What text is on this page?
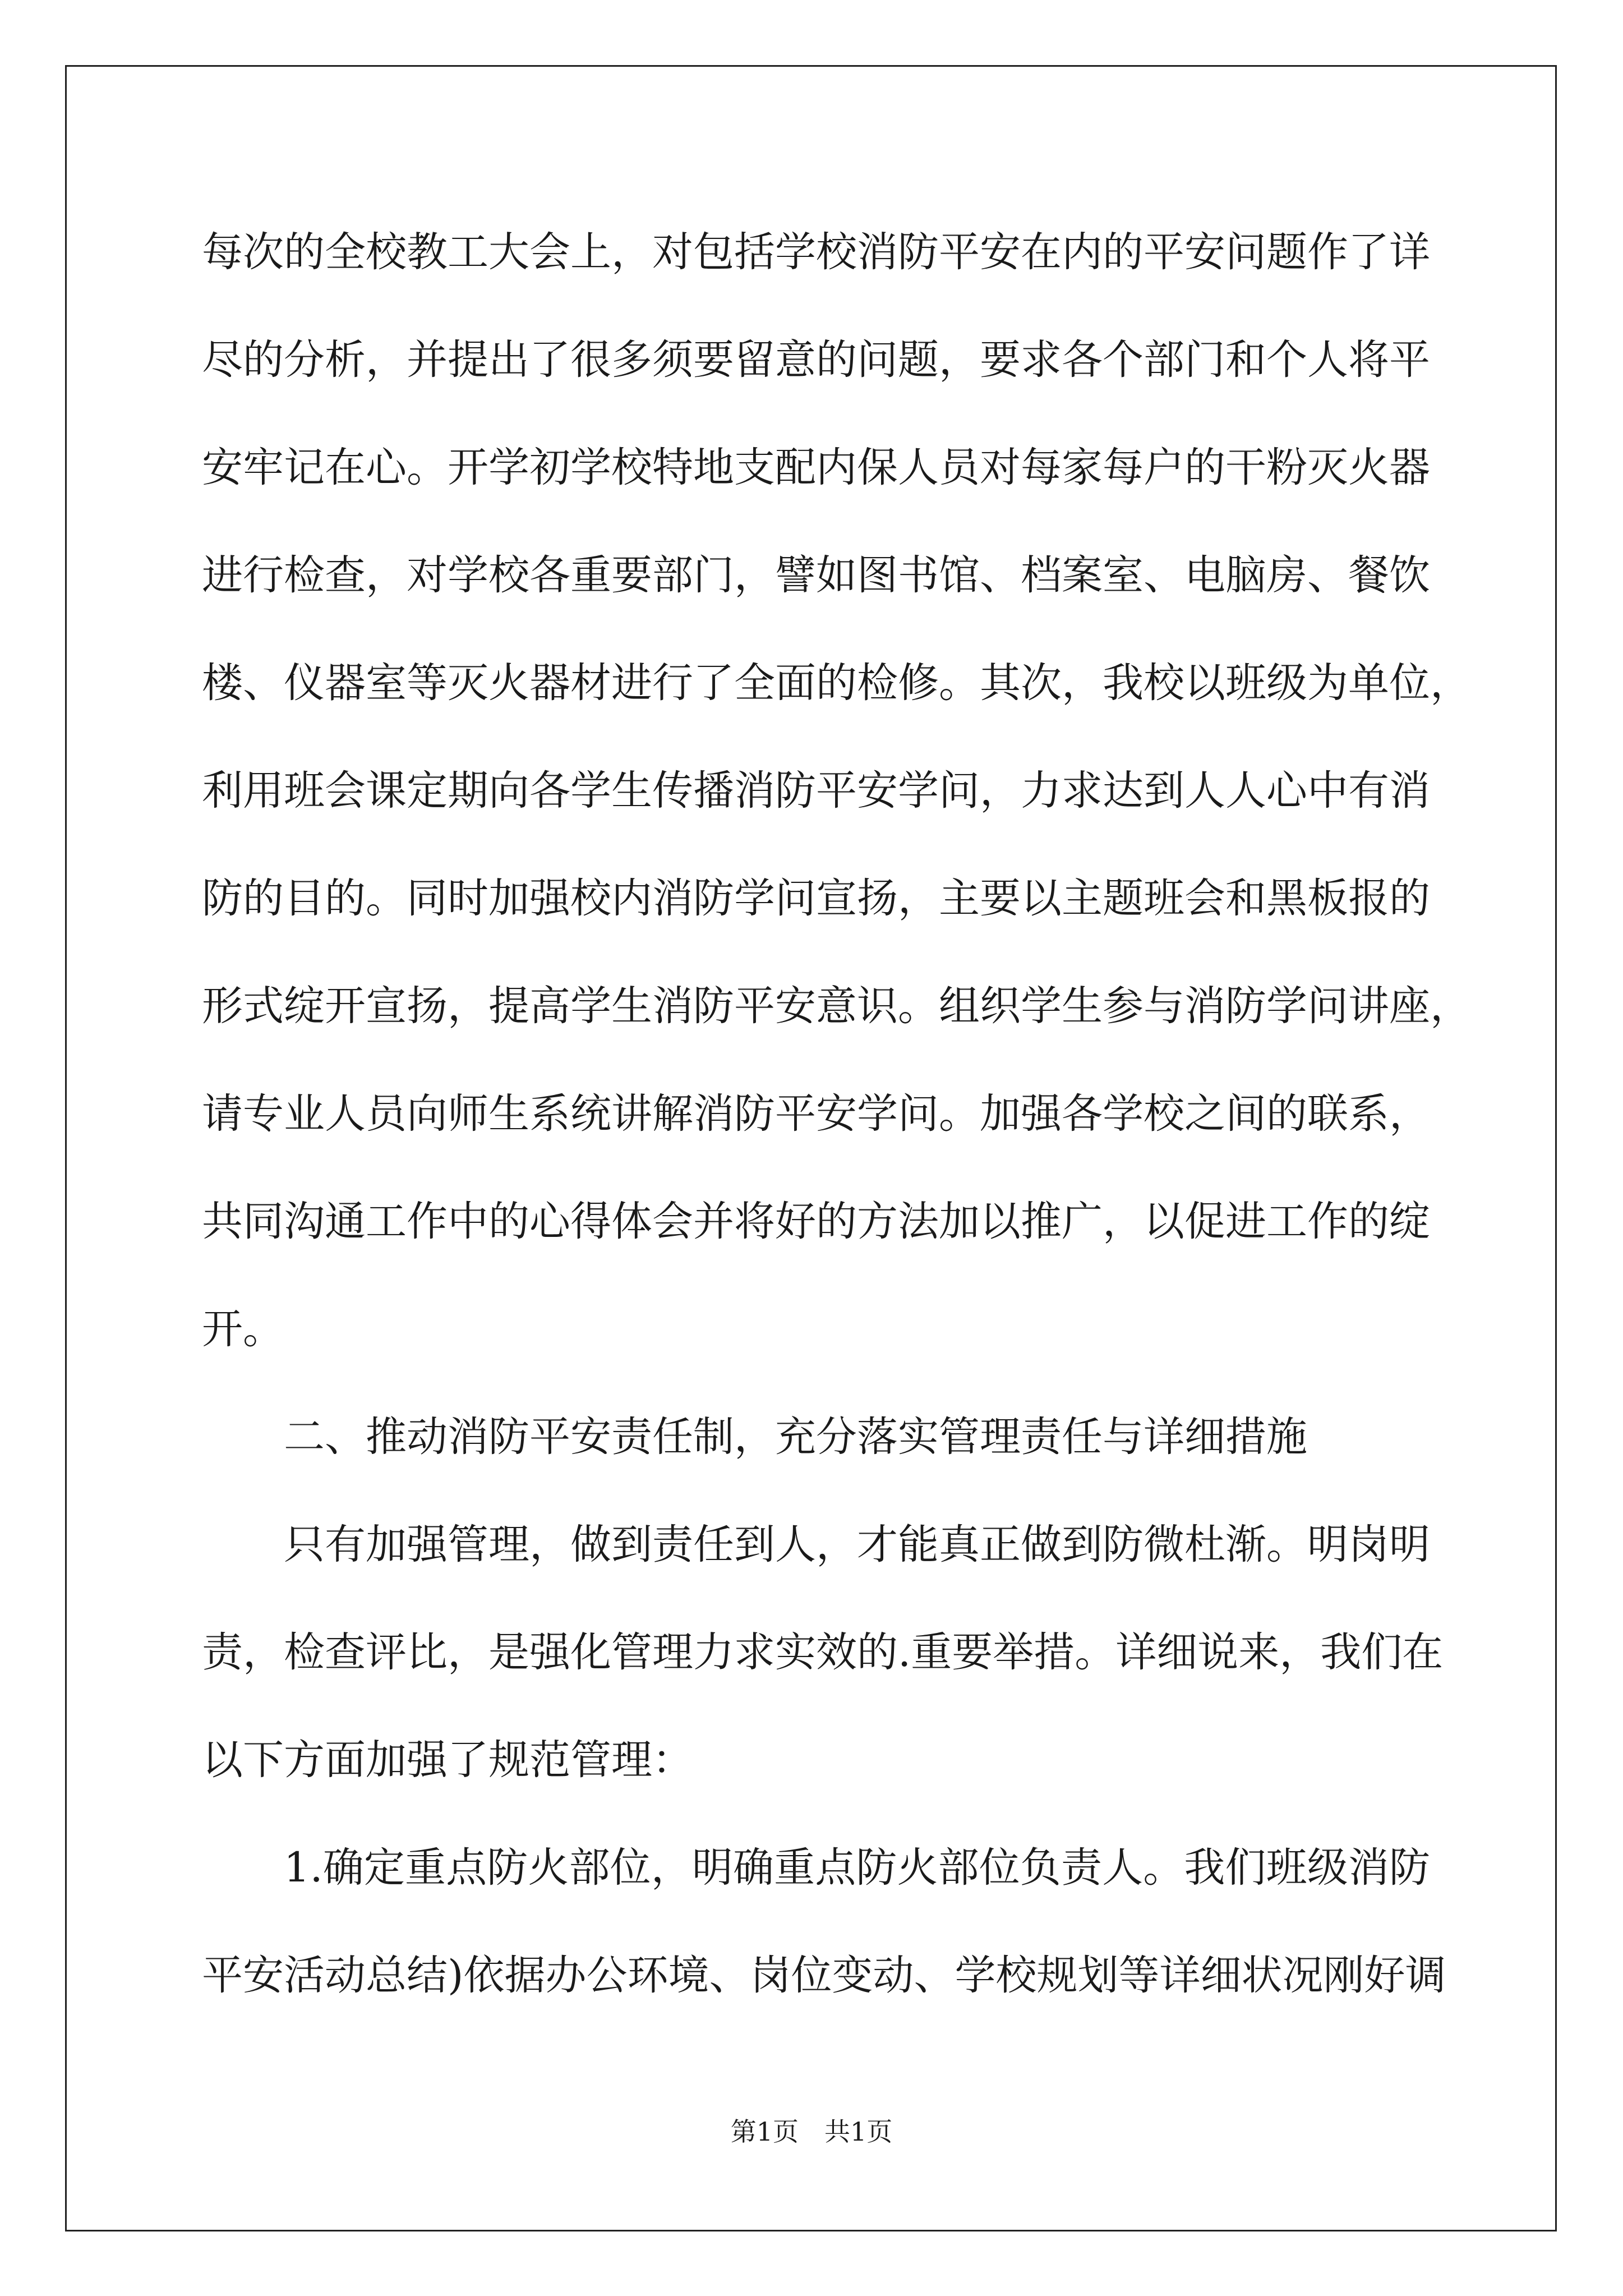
每次的全校教工大会上，对包括学校消防平安在内的平安问题作了详
尽的分析，并提出了很多须要留意的问题，要求各个部门和个人将平
安牢记在心。开学初学校特地支配内保人员对每家每户的干粉灭火器
进行检查，对学校各重要部门，譬如图书馆、档案室、电脑房、餐饮
楼、仪器室等灭火器材进行了全面的检修。其次，我校以班级为单位，
利用班会课定期向各学生传播消防平安学问，力求达到人人心中有消
防的目的。同时加强校内消防学问宣扬，主要以主题班会和黑板报的
形式绽开宣扬，提高学生消防平安意识。组织学生参与消防学问讲座，
请专业人员向师生系统讲解消防平安学问。加强各学校之间的联系，
共同沟通工作中的心得体会并将好的方法加以推广，以促进工作的绽
开。
二、推动消防平安责任制，充分落实管理责任与详细措施
只有加强管理，做到责任到人，才能真正做到防微杜渐。明岗明
责，检查评比，是强化管理力求实效的.重要举措。详细说来，我们在
以下方面加强了规范管理：
1.确定重点防火部位，明确重点防火部位负责人。我们班级消防
平安活动总结)依据办公环境、岗位变动、学校规划等详细状况刚好调
第1页 共1页
